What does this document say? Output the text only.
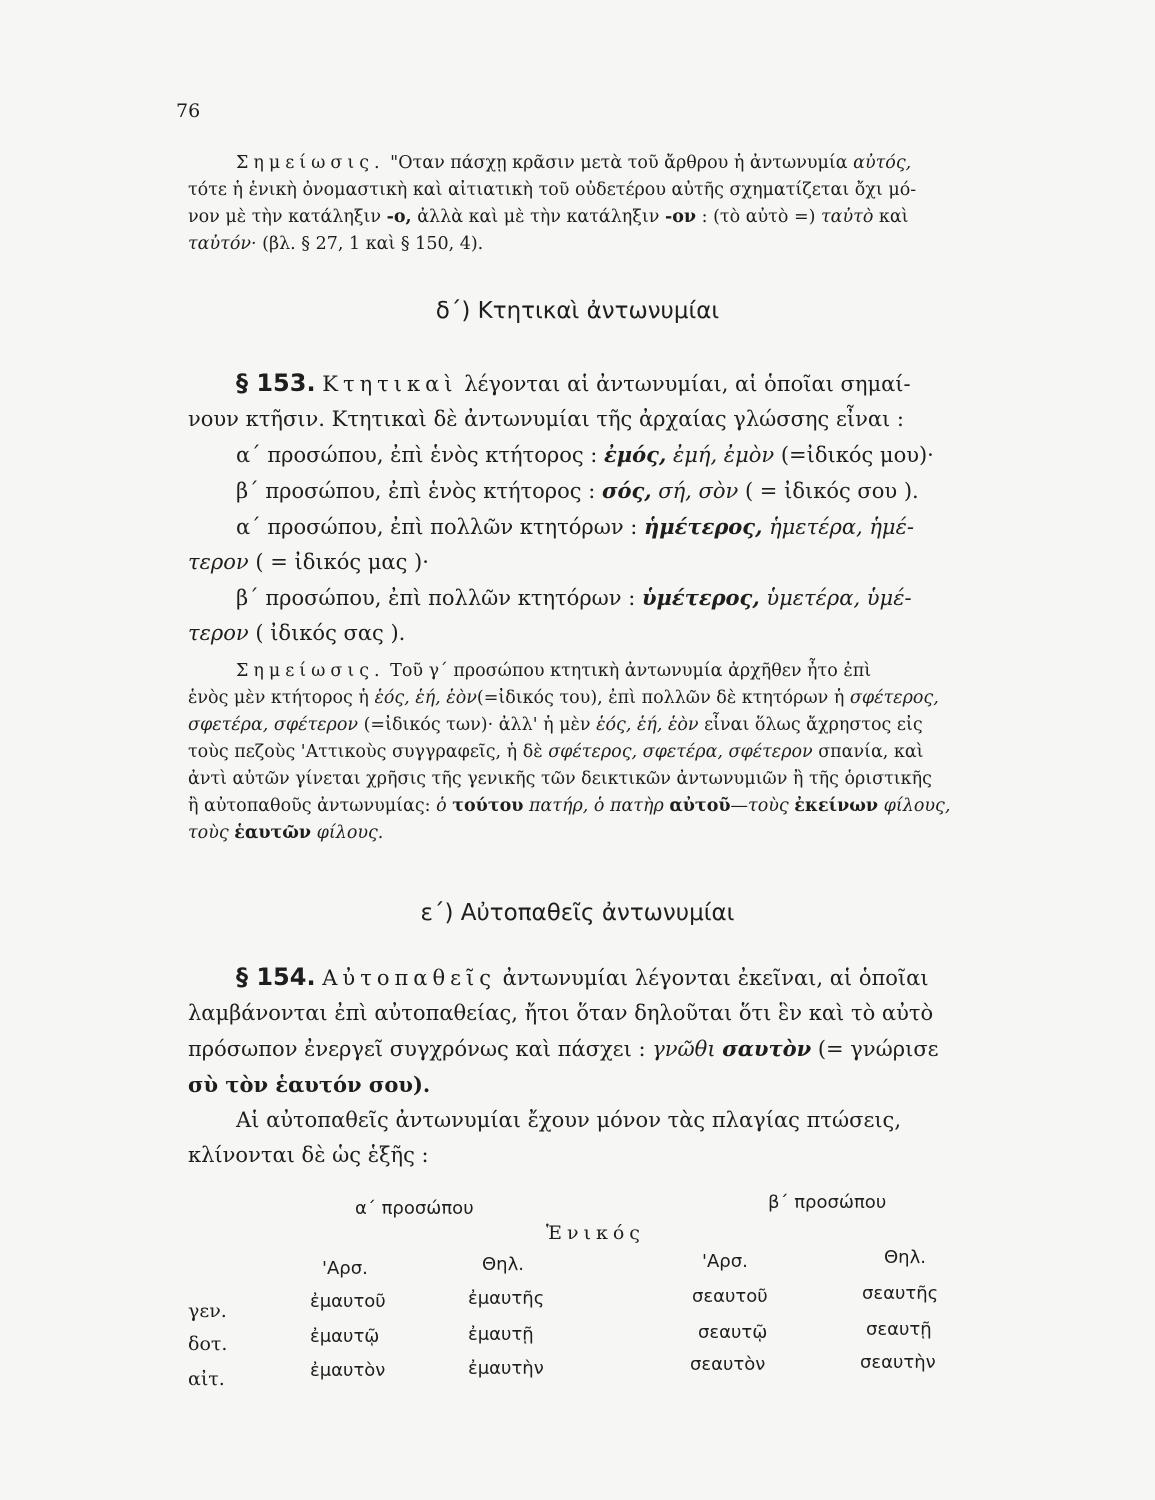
76
Σημείωσις. "Οταν πάσχῃ κρᾶσιν μετὰ τοῦ ἄρθρου ἡ ἀντωνυμία αὐτός,
τότε ἡ ἑνικὴ ὀνομαστικὴ καὶ αἰτιατικὴ τοῦ οὐδετέρου αὐτῆς σχηματίζεται ὄχι μό-
νον μὲ τὴν κατάληξιν -ο, ἀλλὰ καὶ μὲ τὴν κατάληξιν -ον : (τὸ αὐτὸ =) ταὐτὸ καὶ
ταὐτόν· (βλ. § 27, 1 καὶ § 150, 4).
δ΄) Κτητικαὶ ἀντωνυμίαι
§ 153. Κτητικαὶ λέγονται αἱ ἀντωνυμίαι, αἱ ὁποῖαι σημαί-
νουν κτῆσιν. Κτητικαὶ δὲ ἀντωνυμίαι τῆς ἀρχαίας γλώσσης εἶναι :
α΄ προσώπου, ἐπὶ ἑνὸς κτήτορος : ἐμός, ἐμή, ἐμὸν (=ἰδικός μου)·
β΄ προσώπου, ἐπὶ ἑνὸς κτήτορος : σός, σή, σὸν ( = ἰδικός σου ).
α΄ προσώπου, ἐπὶ πολλῶν κτητόρων : ἡμέτερος, ἡμετέρα, ἡμέ-
τερον ( = ἰδικός μας )·
β΄ προσώπου, ἐπὶ πολλῶν κτητόρων : ὑμέτερος, ὑμετέρα, ὑμέ-
τερον ( ἰδικός σας ).
Σημείωσις. Τοῦ γ΄ προσώπου κτητικὴ ἀντωνυμία ἀρχῆθεν ἦτο ἐπὶ
ἑνὸς μὲν κτήτορος ἡ ἑός, ἑή, ἑὸν(=ἰδικός του), ἐπὶ πολλῶν δὲ κτητόρων ἡ σφέτερος,
σφετέρα, σφέτερον (=ἰδικός των)· ἀλλ' ἡ μὲν ἑός, ἑή, ἑὸν εἶναι ὅλως ἄχρηστος εἰς
τοὺς πεζοὺς 'Αττικοὺς συγγραφεῖς, ἡ δὲ σφέτερος, σφετέρα, σφέτερον σπανία, καὶ
ἀντὶ αὐτῶν γίνεται χρῆσις τῆς γενικῆς τῶν δεικτικῶν ἀντωνυμιῶν ἢ τῆς ὁριστικῆς
ἢ αὐτοπαθοῦς ἀντωνυμίας: ὁ τούτου πατήρ, ὁ πατὴρ αὐτοῦ—τοὺς ἐκείνων φίλους,
τοὺς ἑαυτῶν φίλους.
ε΄) Αὐτοπαθεῖς ἀντωνυμίαι
§ 154. Αὐτοπαθεῖς ἀντωνυμίαι λέγονται ἐκεῖναι, αἱ ὁποῖαι
λαμβάνονται ἐπὶ αὐτοπαθείας, ἤτοι ὅταν δηλοῦται ὅτι ἓν καὶ τὸ αὐτὸ
πρόσωπον ἐνεργεῖ συγχρόνως καὶ πάσχει : γνῶθι σαυτὸν (= γνώρισε
σὺ τὸν ἑαυτόν σου).
Αἱ αὐτοπαθεῖς ἀντωνυμίαι ἔχουν μόνον τὰς πλαγίας πτώσεις,
κλίνονται δὲ ὡς ἑξῆς :
α΄ προσώπου	β΄ προσώπου
Ἑνικός
'Αρσ.	Θηλ.	'Αρσ.	Θηλ.
γεν.	ἐμαυτοῦ	ἐμαυτῆς	σεαυτοῦ	σεαυτῆς
δοτ.	ἐμαυτῷ	ἐμαυτῇ	σεαυτῷ	σεαυτῇ
αἰτ.	ἐμαυτὸν	ἐμαυτὴν	σεαυτὸν	σεαυτὴν
